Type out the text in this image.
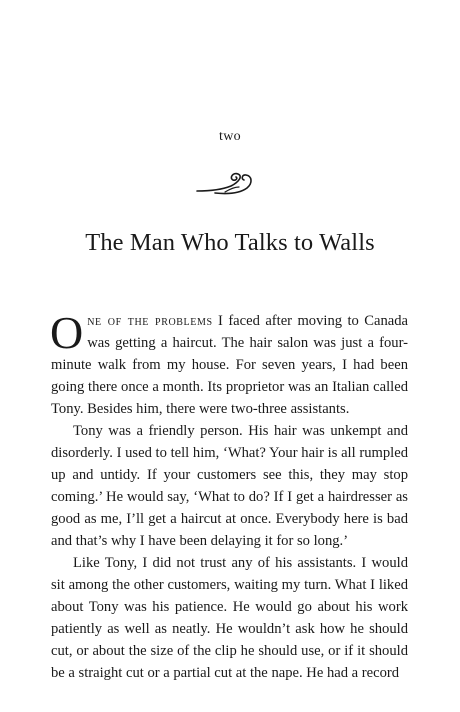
two
The Man Who Talks to Walls

One of the problems I faced after moving to Canada was getting a haircut. The hair salon was just a four-minute walk from my house. For seven years, I had been going there once a month. Its proprietor was an Italian called Tony. Besides him, there were two-three assistants.

Tony was a friendly person. His hair was unkempt and disorderly. I used to tell him, ‘What? Your hair is all rumpled up and untidy. If your customers see this, they may stop coming.’ He would say, ‘What to do? If I get a hairdresser as good as me, I’ll get a haircut at once. Everybody here is bad and that’s why I have been delaying it for so long.’

Like Tony, I did not trust any of his assistants. I would sit among the other customers, waiting my turn. What I liked about Tony was his patience. He would go about his work patiently as well as neatly. He wouldn’t ask how he should cut, or about the size of the clip he should use, or if it should be a straight cut or a partial cut at the nape. He had a record
